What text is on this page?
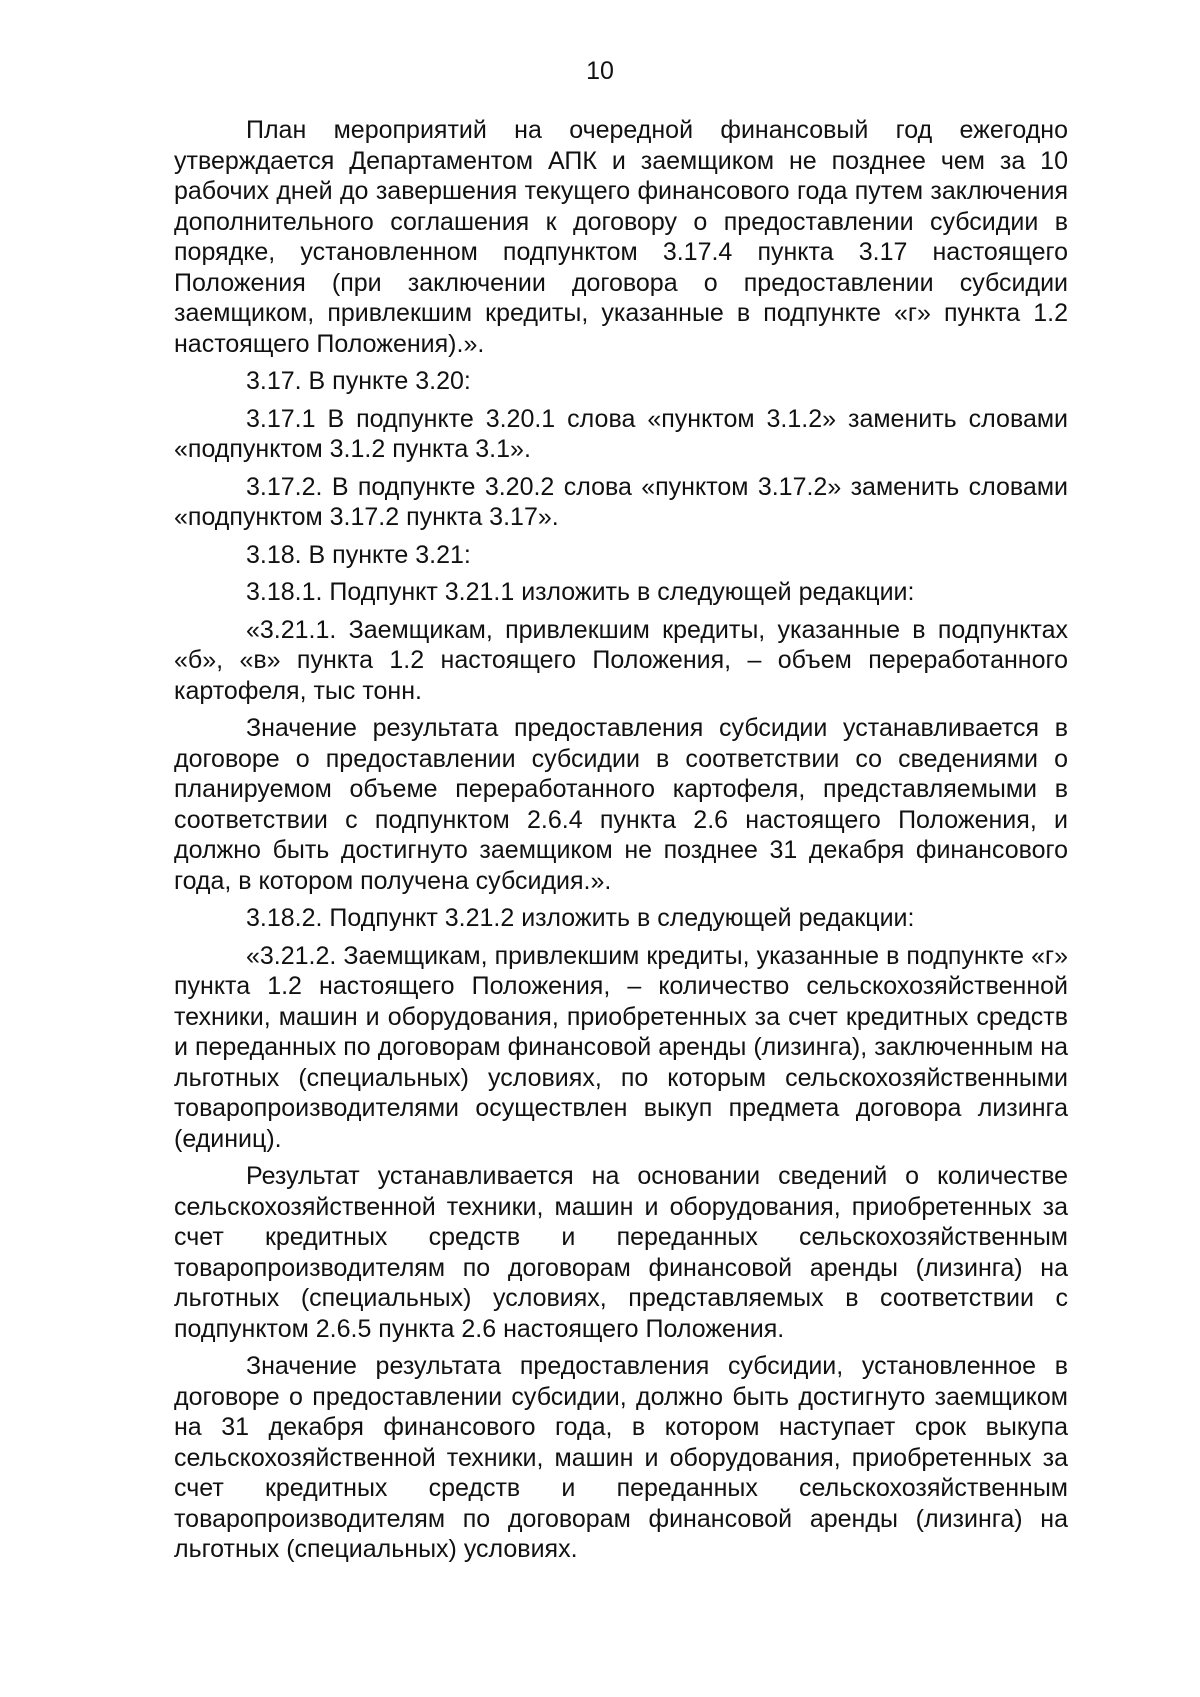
10

План мероприятий на очередной финансовый год ежегодно утверждается Департаментом АПК и заемщиком не позднее чем за 10 рабочих дней до завершения текущего финансового года путем заключения дополнительного соглашения к договору о предоставлении субсидии в порядке, установленном подпунктом 3.17.4 пункта 3.17 настоящего Положения (при заключении договора о предоставлении субсидии заемщиком, привлекшим кредиты, указанные в подпункте «г» пункта 1.2 настоящего Положения).».

3.17. В пункте 3.20:

3.17.1 В подпункте 3.20.1 слова «пунктом 3.1.2» заменить словами «подпунктом 3.1.2 пункта 3.1».

3.17.2. В подпункте 3.20.2 слова «пунктом 3.17.2» заменить словами «подпунктом 3.17.2 пункта 3.17».

3.18. В пункте 3.21:

3.18.1. Подпункт 3.21.1 изложить в следующей редакции:

«3.21.1. Заемщикам, привлекшим кредиты, указанные в подпунктах «б», «в» пункта 1.2 настоящего Положения, – объем переработанного картофеля, тыс тонн.

Значение результата предоставления субсидии устанавливается в договоре о предоставлении субсидии в соответствии со сведениями о планируемом объеме переработанного картофеля, представляемыми в соответствии с подпунктом 2.6.4 пункта 2.6 настоящего Положения, и должно быть достигнуто заемщиком не позднее 31 декабря финансового года, в котором получена субсидия.».

3.18.2. Подпункт 3.21.2 изложить в следующей редакции:

«3.21.2. Заемщикам, привлекшим кредиты, указанные в подпункте «г» пункта 1.2 настоящего Положения, – количество сельскохозяйственной техники, машин и оборудования, приобретенных за счет кредитных средств и переданных по договорам финансовой аренды (лизинга), заключенным на льготных (специальных) условиях, по которым сельскохозяйственными товаропроизводителями осуществлен выкуп предмета договора лизинга (единиц).

Результат устанавливается на основании сведений о количестве сельскохозяйственной техники, машин и оборудования, приобретенных за счет кредитных средств и переданных сельскохозяйственным товаропроизводителям по договорам финансовой аренды (лизинга) на льготных (специальных) условиях, представляемых в соответствии с подпунктом 2.6.5 пункта 2.6 настоящего Положения.

Значение результата предоставления субсидии, установленное в договоре о предоставлении субсидии, должно быть достигнуто заемщиком на 31 декабря финансового года, в котором наступает срок выкупа сельскохозяйственной техники, машин и оборудования, приобретенных за счет кредитных средств и переданных сельскохозяйственным товаропроизводителям по договорам финансовой аренды (лизинга) на льготных (специальных) условиях.
